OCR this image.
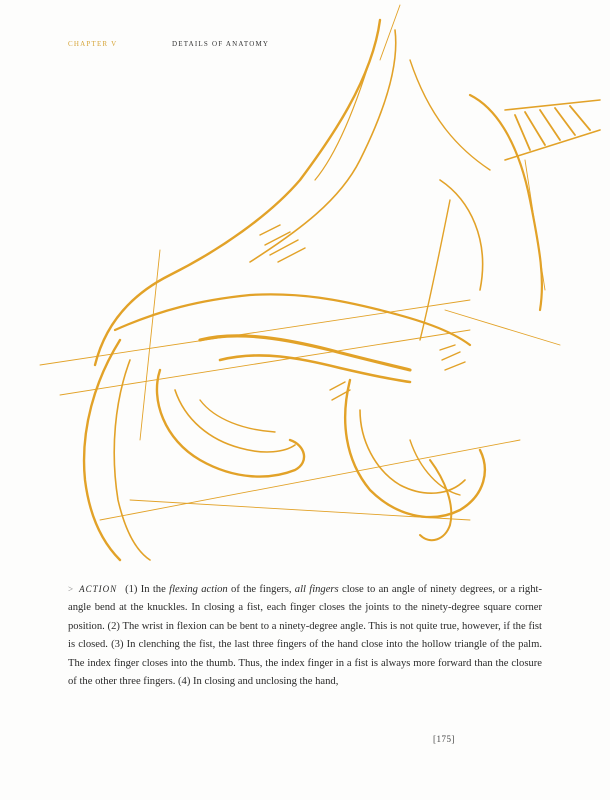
CHAPTER V	DETAILS OF ANATOMY
> ACTION (1) In the flexing action of the fingers, all fingers close to an angle of ninety degrees, or a right-angle bend at the knuckles. In closing a fist, each finger closes the joints to the ninety-degree square corner position. (2) The wrist in flexion can be bent to a ninety-degree angle. This is not quite true, however, if the fist is closed. (3) In clenching the fist, the last three fingers of the hand close into the hollow triangle of the palm. The index finger closes into the thumb. Thus, the index finger in a fist is always more forward than the closure of the other three fingers. (4) In closing and unclosing the hand,
[175]
